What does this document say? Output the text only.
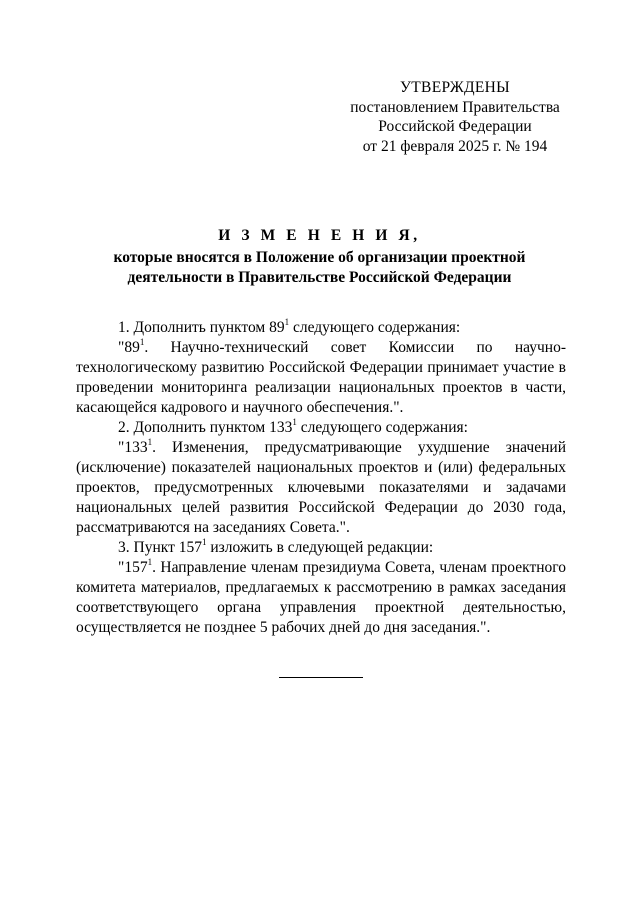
УТВЕРЖДЕНЫ
постановлением Правительства
Российской Федерации
от 21 февраля 2025 г. № 194
И З М Е Н Е Н И Я,
которые вносятся в Положение об организации проектной
деятельности в Правительстве Российской Федерации

1. Дополнить пунктом $89^1$ следующего содержания:

"$89^1$. Научно-технический совет Комиссии по научно-технологическому развитию Российской Федерации принимает участие в проведении мониторинга реализации национальных проектов в части, касающейся кадрового и научного обеспечения.".

2. Дополнить пунктом $133^1$ следующего содержания:

"$133^1$. Изменения, предусматривающие ухудшение значений (исключение) показателей национальных проектов и (или) федеральных проектов, предусмотренных ключевыми показателями и задачами национальных целей развития Российской Федерации до 2030 года, рассматриваются на заседаниях Совета.".

3. Пункт $157^1$ изложить в следующей редакции:

"$157^1$. Направление членам президиума Совета, членам проектного комитета материалов, предлагаемых к рассмотрению в рамках заседания соответствующего органа управления проектной деятельностью, осуществляется не позднее 5 рабочих дней до дня заседания.".
